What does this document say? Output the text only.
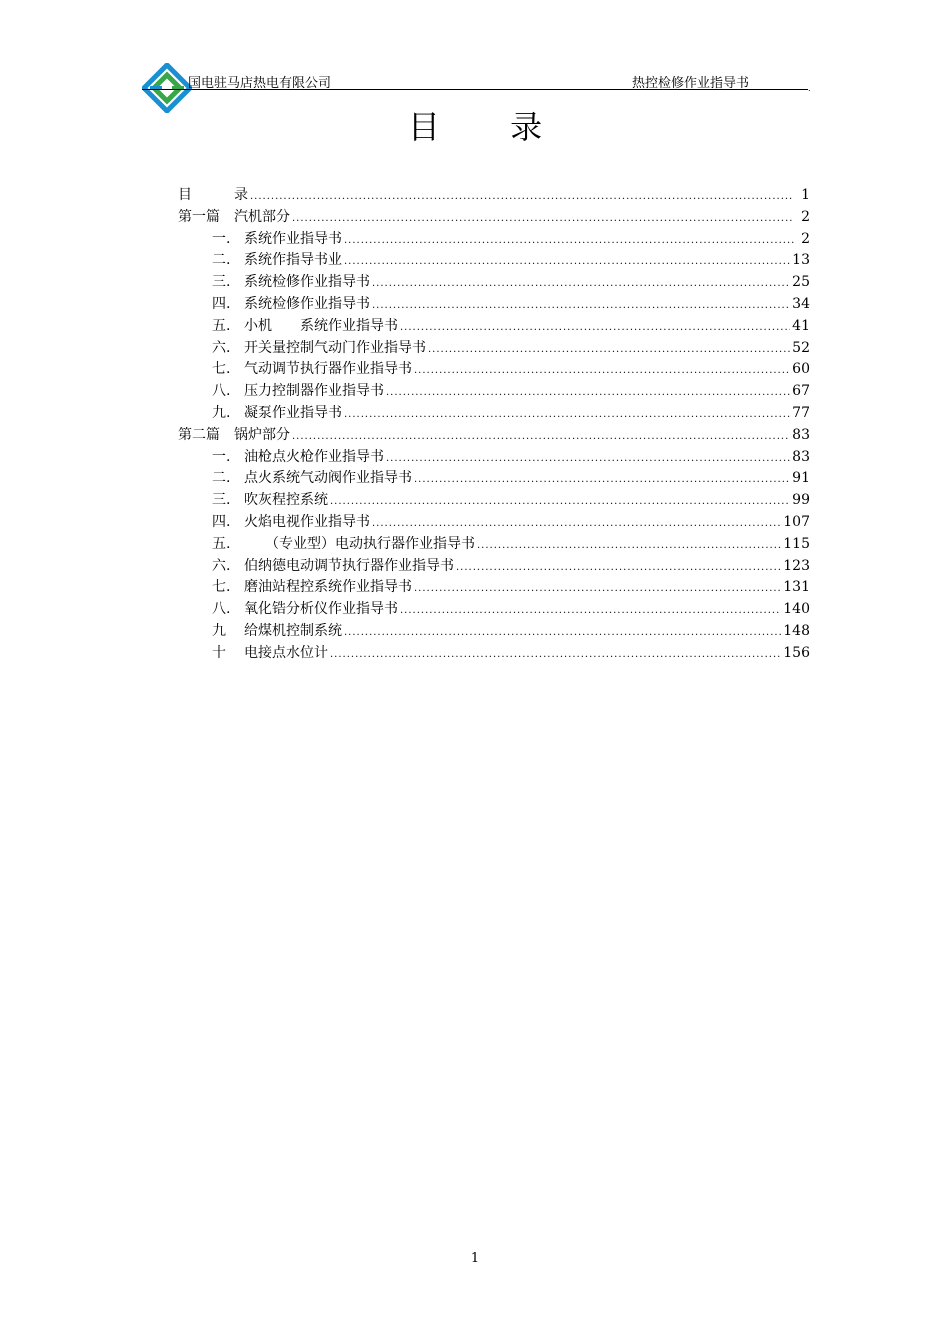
国电驻马店热电有限公司	热控检修作业指导书	.
目 录
目	录 .....	1
第一篇	汽机部分 .....	2
一. 系统作业指导书 .....	2
二. 系统作指导书业 .....	13
三. 系统检修作业指导书 .....	25
四. 系统检修作业指导书 .....	34
五. 小机　　系统作业指导书 .....	41
六. 开关量控制气动门作业指导书 .....	52
七. 气动调节执行器作业指导书 .....	60
八. 压力控制器作业指导书 .....	67
九. 凝泵作业指导书 .....	77
第二篇	锅炉部分 .....	83
一. 油枪点火枪作业指导书 .....	83
二. 点火系统气动阀作业指导书 .....	91
三. 吹灰程控系统 .....	99
四. 火焰电视作业指导书 .....	107
五. 　　（专业型）电动执行器作业指导书 .....	115
六. 伯纳德电动调节执行器作业指导书 .....	123
七. 磨油站程控系统作业指导书 .....	131
八. 氧化锆分析仪作业指导书 .....	140
九	给煤机控制系统 .....	148
十	电接点水位计 .....	156
1
